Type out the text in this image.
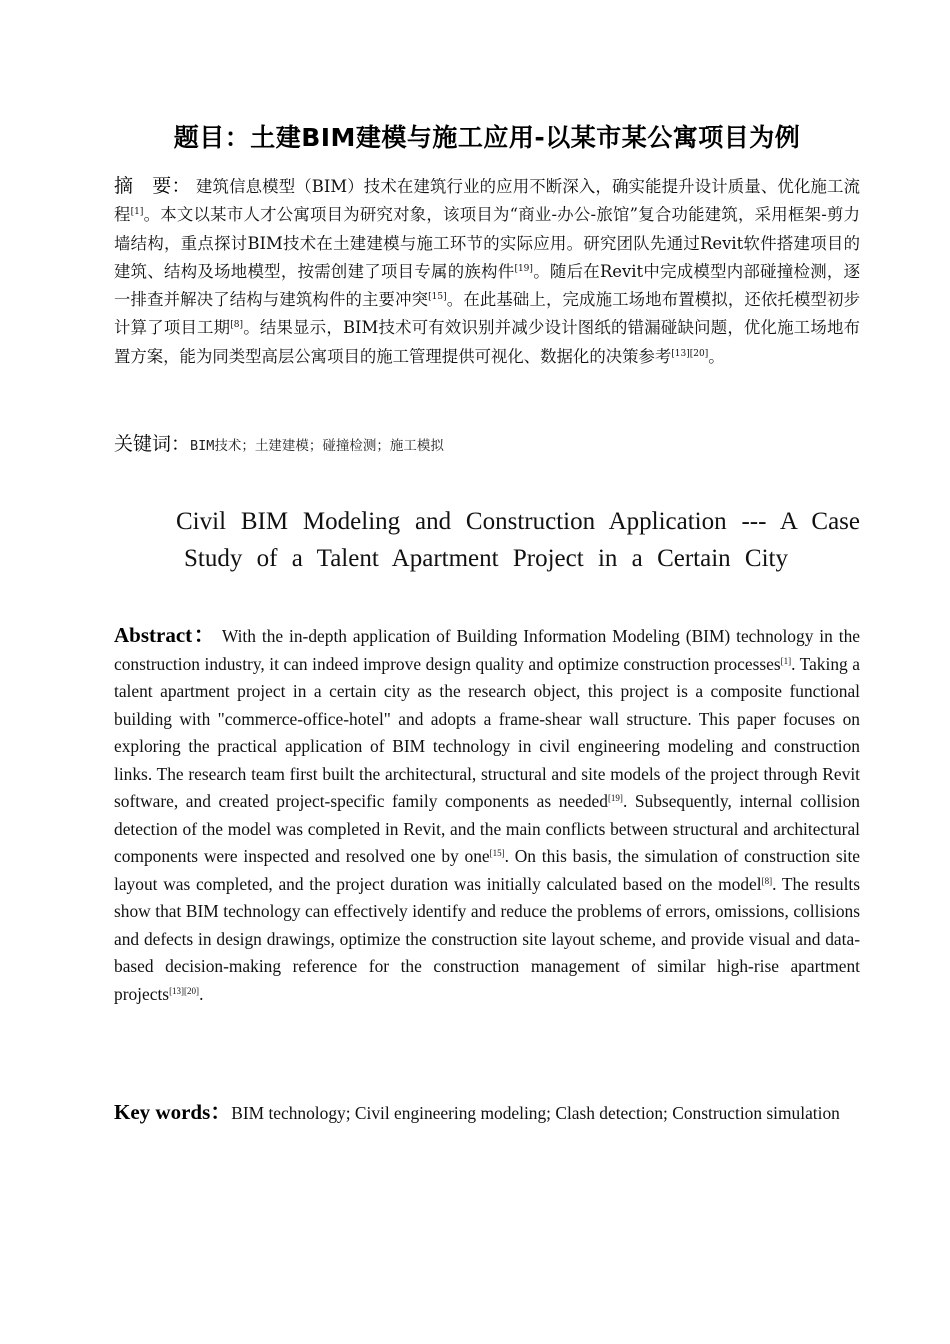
题目：土建BIM建模与施工应用-以某市某公寓项目为例
摘　要： 建筑信息模型（BIM）技术在建筑行业的应用不断深入，确实能提升设计质量、优化施工流程[1]。本文以某市人才公寓项目为研究对象，该项目为“商业-办公-旅馆”复合功能建筑，采用框架-剪力墙结构，重点探讨BIM技术在土建建模与施工环节的实际应用。研究团队先通过Revit软件搭建项目的建筑、结构及场地模型，按需创建了项目专属的族构件[19]。随后在Revit中完成模型内部碰撞检测，逐一排查并解决了结构与建筑构件的主要冲突[15]。在此基础上，完成施工场地布置模拟，还依托模型初步计算了项目工期[8]。结果显示，BIM技术可有效识别并减少设计图纸的错漏碰缺问题，优化施工场地布置方案，能为同类型高层公寓项目的施工管理提供可视化、数据化的决策参考[13][20]。
关键词：BIM技术；土建建模；碰撞检测；施工模拟
Civil BIM Modeling and Construction Application --- A Case
Study of a Talent Apartment Project in a Certain City
Abstract： With the in-depth application of Building Information Modeling (BIM) technology in the construction industry, it can indeed improve design quality and optimize construction processes[1]. Taking a talent apartment project in a certain city as the research object, this project is a composite functional building with "commerce-office-hotel" and adopts a frame-shear wall structure. This paper focuses on exploring the practical application of BIM technology in civil engineering modeling and construction links. The research team first built the architectural, structural and site models of the project through Revit software, and created project-specific family components as needed[19]. Subsequently, internal collision detection of the model was completed in Revit, and the main conflicts between structural and architectural components were inspected and resolved one by one[15]. On this basis, the simulation of construction site layout was completed, and the project duration was initially calculated based on the model[8]. The results show that BIM technology can effectively identify and reduce the problems of errors, omissions, collisions and defects in design drawings, optimize the construction site layout scheme, and provide visual and data-based decision-making reference for the construction management of similar high-rise apartment projects[13][20].
Key words：BIM technology; Civil engineering modeling; Clash detection; Construction simulation
